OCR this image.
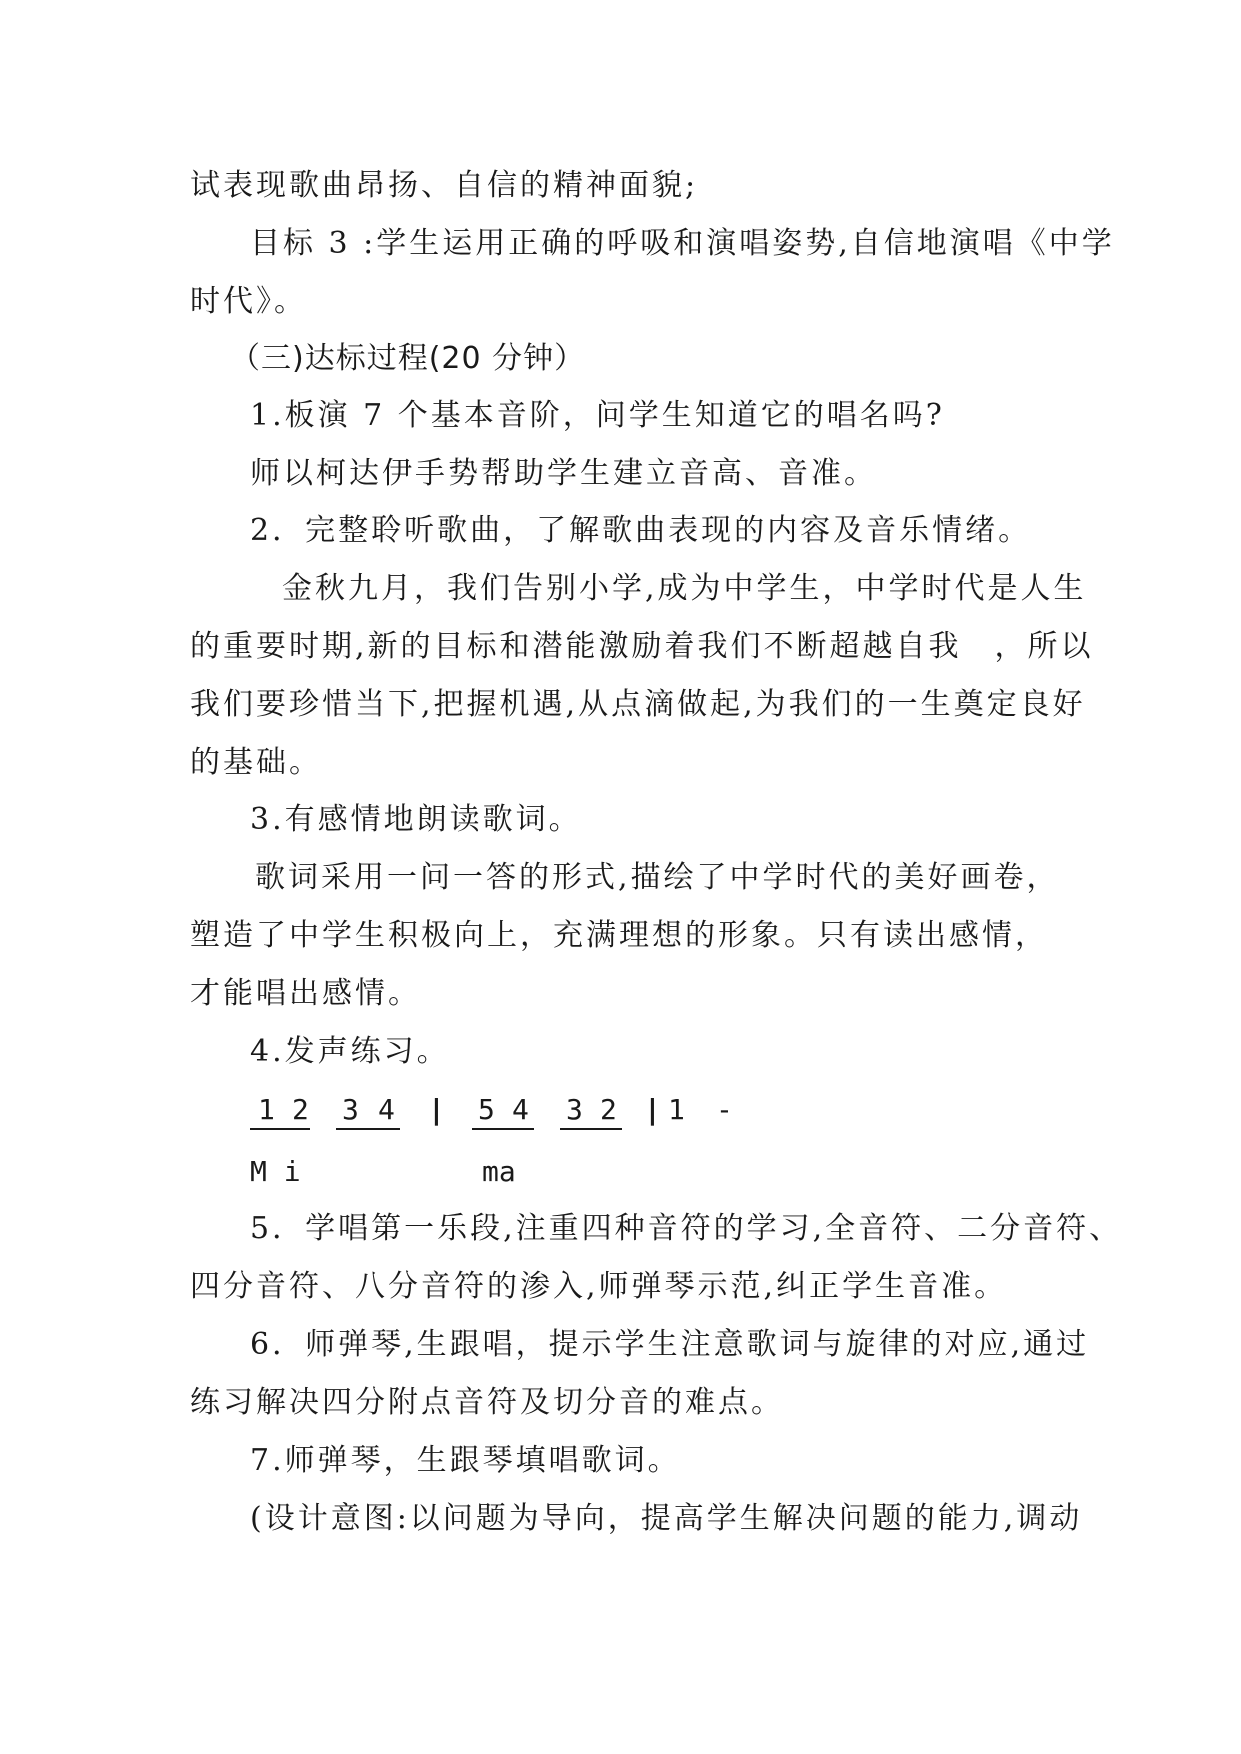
试表现歌曲昂扬、自信的精神面貌;
目标 3 :学生运用正确的呼吸和演唱姿势,自信地演唱《中学
时代》。
（三)达标过程(20 分钟）
1.板演 7 个基本音阶，问学生知道它的唱名吗?
师以柯达伊手势帮助学生建立音高、音准。
2．完整聆听歌曲，了解歌曲表现的内容及音乐情绪。
金秋九月，我们告别小学,成为中学生，中学时代是人生
的重要时期,新的目标和潜能激励着我们不断超越自我　，所以
我们要珍惜当下,把握机遇,从点滴做起,为我们的一生奠定良好
的基础。
3.有感情地朗读歌词。
歌词采用一问一答的形式,描绘了中学时代的美好画卷，
塑造了中学生积极向上，充满理想的形象。只有读出感情，
才能唱出感情。
4.发声练习。
1 2 3 4 | 5 4 3 2 | 1 -
M i	ma
5．学唱第一乐段,注重四种音符的学习,全音符、二分音符、
四分音符、八分音符的渗入,师弹琴示范,纠正学生音准。
6．师弹琴,生跟唱，提示学生注意歌词与旋律的对应,通过
练习解决四分附点音符及切分音的难点。
7.师弹琴，生跟琴填唱歌词。
(设计意图:以问题为导向，提高学生解决问题的能力,调动
